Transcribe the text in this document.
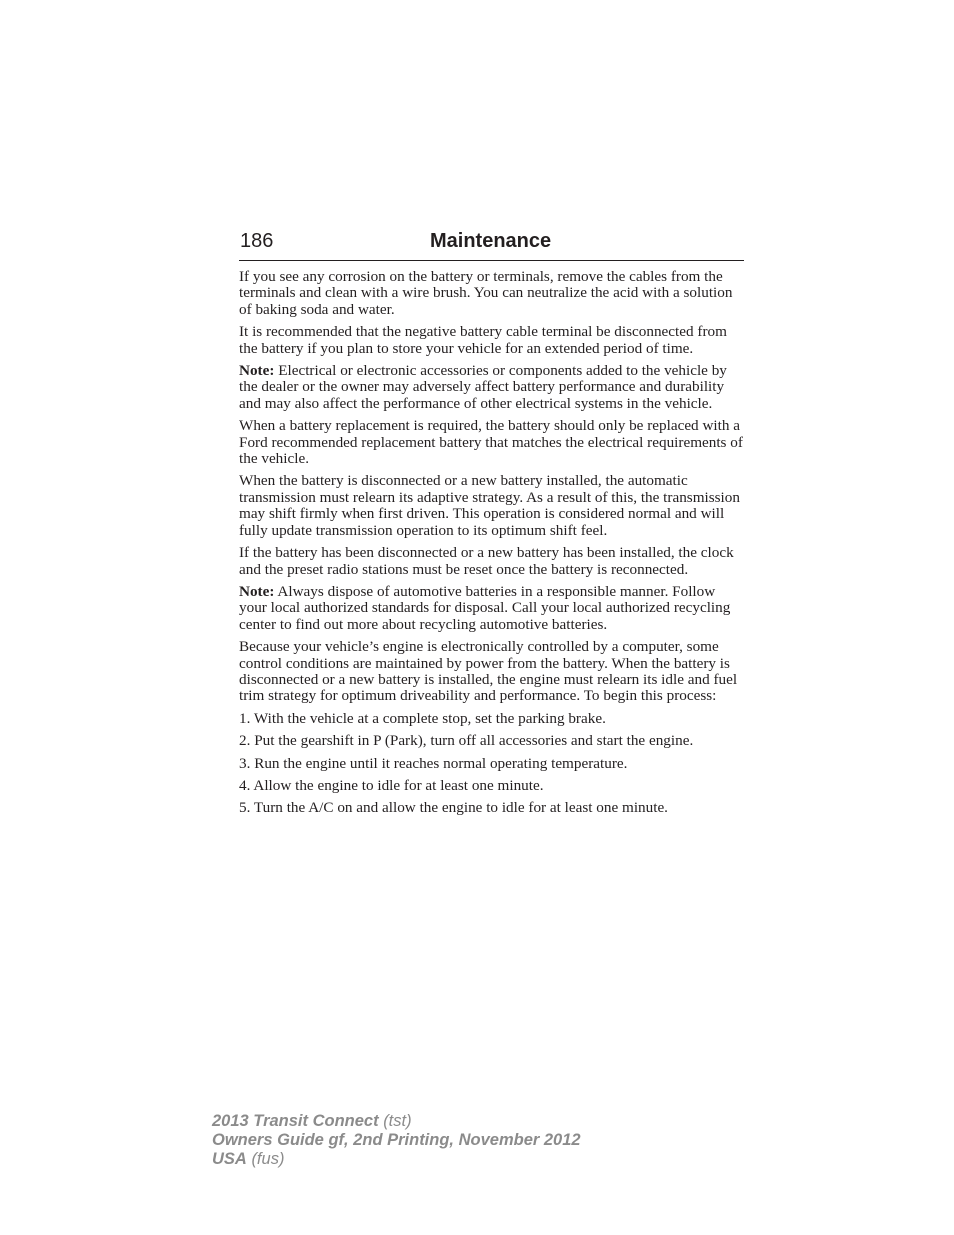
186	Maintenance

If you see any corrosion on the battery or terminals, remove the cables from the terminals and clean with a wire brush. You can neutralize the acid with a solution of baking soda and water.

It is recommended that the negative battery cable terminal be disconnected from the battery if you plan to store your vehicle for an extended period of time.

Note: Electrical or electronic accessories or components added to the vehicle by the dealer or the owner may adversely affect battery performance and durability and may also affect the performance of other electrical systems in the vehicle.

When a battery replacement is required, the battery should only be replaced with a Ford recommended replacement battery that matches the electrical requirements of the vehicle.

When the battery is disconnected or a new battery installed, the automatic transmission must relearn its adaptive strategy. As a result of this, the transmission may shift firmly when first driven. This operation is considered normal and will fully update transmission operation to its optimum shift feel.

If the battery has been disconnected or a new battery has been installed, the clock and the preset radio stations must be reset once the battery is reconnected.

Note: Always dispose of automotive batteries in a responsible manner. Follow your local authorized standards for disposal. Call your local authorized recycling center to find out more about recycling automotive batteries.

Because your vehicle’s engine is electronically controlled by a computer, some control conditions are maintained by power from the battery. When the battery is disconnected or a new battery is installed, the engine must relearn its idle and fuel trim strategy for optimum driveability and performance. To begin this process:

1. With the vehicle at a complete stop, set the parking brake.
2. Put the gearshift in P (Park), turn off all accessories and start the engine.
3. Run the engine until it reaches normal operating temperature.
4. Allow the engine to idle for at least one minute.
5. Turn the A/C on and allow the engine to idle for at least one minute.
2013 Transit Connect (tst)
Owners Guide gf, 2nd Printing, November 2012
USA (fus)
